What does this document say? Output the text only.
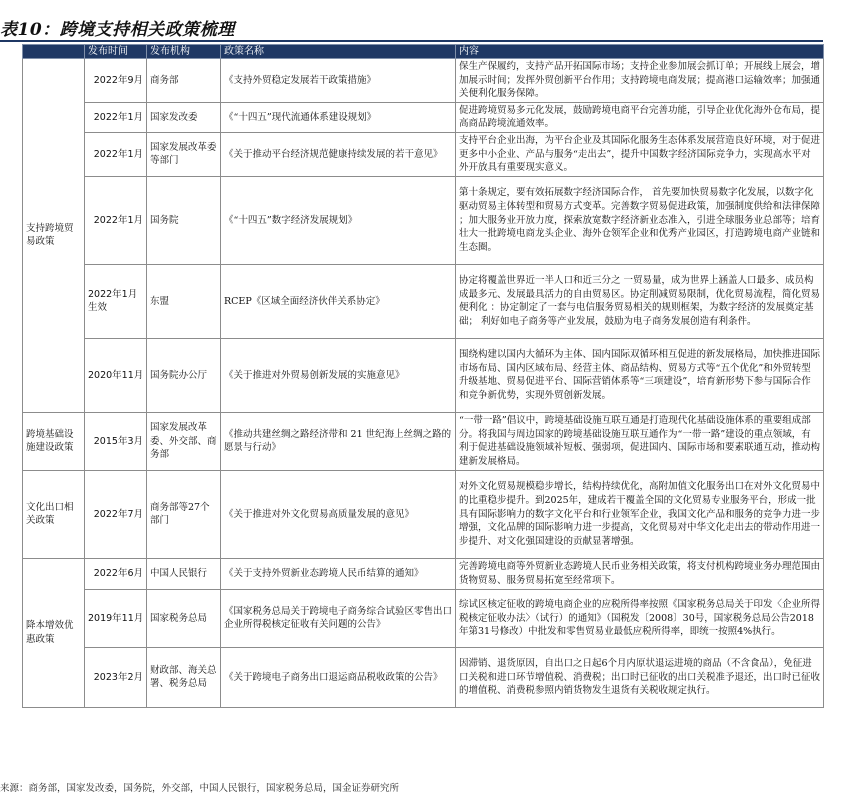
表10：跨境支持相关政策梳理
	发布时间	发布机构	政策名称	内容
支持跨境贸易政策	2022年9月	商务部	《支持外贸稳定发展若干政策措施》	保生产保履约，支持产品开拓国际市场；支持企业参加展会抓订单；开展线上展会，增加展示时间；发挥外贸创新平台作用；支持跨境电商发展；提高港口运输效率；加强通关便利化服务保障。
	2022年1月	国家发改委	《“十四五”现代流通体系建设规划》	促进跨境贸易多元化发展，鼓励跨境电商平台完善功能，引导企业优化海外仓布局，提高商品跨境流通效率。
	2022年1月	国家发展改革委等部门	《关于推动平台经济规范健康持续发展的若干意见》	支持平台企业出海，为平台企业及其国际化服务生态体系发展营造良好环境，对于促进更多中小企业、产品与服务“走出去”，提升中国数字经济国际竞争力，实现高水平对外开放具有重要现实意义。
	2022年1月	国务院	《“十四五”数字经济发展规划》	第十条规定，要有效拓展数字经济国际合作， 首先要加快贸易数字化发展，以数字化驱动贸易主体转型和贸易方式变革。完善数字贸易促进政策，加强制度供给和法律保障 ；加大服务业开放力度，探索放宽数字经济新业态准入，引进全球服务业总部等；培育壮大一批跨境电商龙头企业、海外仓领军企业和优秀产业园区，打造跨境电商产业链和生态圈。
	2022年1月生效	东盟	RCEP《区域全面经济伙伴关系协定》	协定将覆盖世界近一半人口和近三分之 一贸易量，成为世界上涵盖人口最多、成员构成最多元、发展最具活力的自由贸易区。协定削减贸易限制，优化贸易流程，简化贸易便利化 ：协定制定了一套与电信服务贸易相关的规则框架，为数字经济的发展奠定基础； 利好如电子商务等产业发展，鼓励为电子商务发展创造有利条件。
	2020年11月	国务院办公厅	《关于推进对外贸易创新发展的实施意见》	围绕构建以国内大循环为主体、国内国际双循环相互促进的新发展格局，加快推进国际市场布局、国内区域布局、经营主体、商品结构、贸易方式等“五个优化”和外贸转型升级基地、贸易促进平台、国际营销体系等“三项建设”，培育新形势下参与国际合作和竞争新优势，实现外贸创新发展。
跨境基础设施建设政策	2015年3月	国家发展改革委、外交部、商务部	《推动共建丝绸之路经济带和 21 世纪海上丝绸之路的愿景与行动》	“一带一路”倡议中，跨境基础设施互联互通是打造现代化基础设施体系的重要组成部分。将我国与周边国家的跨境基础设施互联互通作为“一带一路”建设的重点领域，有利于促进基础设施领域补短板、强弱项，促进国内、国际市场和要素联通互动，推动构建新发展格局。
文化出口相关政策	2022年7月	商务部等27个部门	《关于推进对外文化贸易高质量发展的意见》	对外文化贸易规模稳步增长，结构持续优化，高附加值文化服务出口在对外文化贸易中的比重稳步提升。到2025年，建成若干覆盖全国的文化贸易专业服务平台，形成一批具有国际影响力的数字文化平台和行业领军企业，我国文化产品和服务的竞争力进一步增强，文化品牌的国际影响力进一步提高，文化贸易对中华文化走出去的带动作用进一步提升、对文化强国建设的贡献显著增强。
降本增效优惠政策	2022年6月	中国人民银行	《关于支持外贸新业态跨境人民币结算的通知》	完善跨境电商等外贸新业态跨境人民币业务相关政策，将支付机构跨境业务办理范围由货物贸易、服务贸易拓宽至经常项下。
	2019年11月	国家税务总局	《国家税务总局关于跨境电子商务综合试验区零售出口企业所得税核定征收有关问题的公告》	综试区核定征收的跨境电商企业的应税所得率按照《国家税务总局关于印发〈企业所得税核定征收办法〉（试行）的通知》（国税发〔2008〕30号，国家税务总局公告2018年第31号修改）中批发和零售贸易业最低应税所得率，即统一按照4%执行。
	2023年2月	财政部、海关总署、税务总局	《关于跨境电子商务出口退运商品税收政策的公告》	因滞销、退货原因，自出口之日起6个月内原状退运进境的商品（不含食品），免征进口关税和进口环节增值税、消费税；出口时已征收的出口关税准予退还，出口时已征收的增值税、消费税参照内销货物发生退货有关税收规定执行。
来源：商务部，国家发改委，国务院，外交部，中国人民银行，国家税务总局，国金证券研究所
